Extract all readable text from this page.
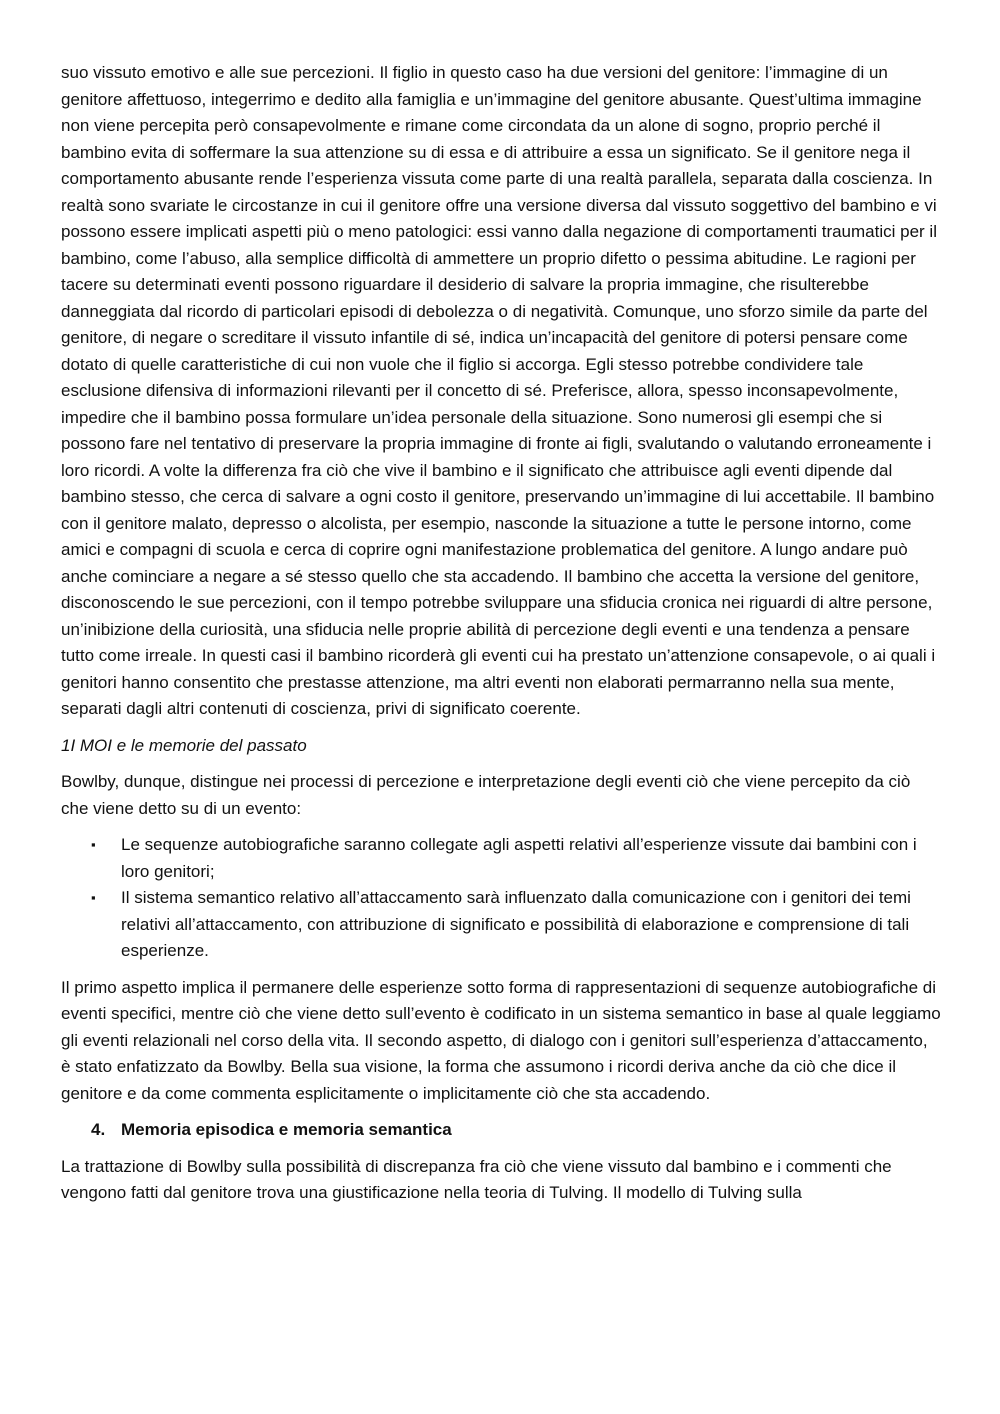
suo vissuto emotivo e alle sue percezioni. Il figlio in questo caso ha due versioni del genitore: l’immagine di un genitore affettuoso, integerrimo e dedito alla famiglia e un’immagine del genitore abusante. Quest’ultima immagine non viene percepita però consapevolmente e rimane come circondata da un alone di sogno, proprio perché il bambino evita di soffermare la sua attenzione su di essa e di attribuire a essa un significato. Se il genitore nega il comportamento abusante rende l’esperienza vissuta come parte di una realtà parallela, separata dalla coscienza. In realtà sono svariate le circostanze in cui il genitore offre una versione diversa dal vissuto soggettivo del bambino e vi possono essere implicati aspetti più o meno patologici: essi vanno dalla negazione di comportamenti traumatici per il bambino, come l’abuso, alla semplice difficoltà di ammettere un proprio difetto o pessima abitudine. Le ragioni per tacere su determinati eventi possono riguardare il desiderio di salvare la propria immagine, che risulterebbe danneggiata dal ricordo di particolari episodi di debolezza o di negatività. Comunque, uno sforzo simile da parte del genitore, di negare o screditare il vissuto infantile di sé, indica un’incapacità del genitore di potersi pensare come dotato di quelle caratteristiche di cui non vuole che il figlio si accorga. Egli stesso potrebbe condividere tale esclusione difensiva di informazioni rilevanti per il concetto di sé. Preferisce, allora, spesso inconsapevolmente, impedire che il bambino possa formulare un’idea personale della situazione. Sono numerosi gli esempi che si possono fare nel tentativo di preservare la propria immagine di fronte ai figli, svalutando o valutando erroneamente i loro ricordi. A volte la differenza fra ciò che vive il bambino e il significato che attribuisce agli eventi dipende dal bambino stesso, che cerca di salvare a ogni costo il genitore, preservando un’immagine di lui accettabile. Il bambino con il genitore malato, depresso o alcolista, per esempio, nasconde la situazione a tutte le persone intorno, come amici e compagni di scuola e cerca di coprire ogni manifestazione problematica del genitore. A lungo andare può anche cominciare a negare a sé stesso quello che sta accadendo. Il bambino che accetta la versione del genitore, disconoscendo le sue percezioni, con il tempo potrebbe sviluppare una sfiducia cronica nei riguardi di altre persone, un’inibizione della curiosità, una sfiducia nelle proprie abilità di percezione degli eventi e una tendenza a pensare tutto come irreale. In questi casi il bambino ricorderà gli eventi cui ha prestato un’attenzione consapevole, o ai quali i genitori hanno consentito che prestasse attenzione, ma altri eventi non elaborati permarranno nella sua mente, separati dagli altri contenuti di coscienza, privi di significato coerente.

1I MOI e le memorie del passato

Bowlby, dunque, distingue nei processi di percezione e interpretazione degli eventi ciò che viene percepito da ciò che viene detto su di un evento:

▪ Le sequenze autobiografiche saranno collegate agli aspetti relativi all’esperienze vissute dai bambini con i loro genitori;
▪ Il sistema semantico relativo all’attaccamento sarà influenzato dalla comunicazione con i genitori dei temi relativi all’attaccamento, con attribuzione di significato e possibilità di elaborazione e comprensione di tali esperienze.

Il primo aspetto implica il permanere delle esperienze sotto forma di rappresentazioni di sequenze autobiografiche di eventi specifici, mentre ciò che viene detto sull’evento è codificato in un sistema semantico in base al quale leggiamo gli eventi relazionali nel corso della vita. Il secondo aspetto, di dialogo con i genitori sull’esperienza d’attaccamento, è stato enfatizzato da Bowlby. Bella sua visione, la forma che assumono i ricordi deriva anche da ciò che dice il genitore e da come commenta esplicitamente o implicitamente ciò che sta accadendo.

4. Memoria episodica e memoria semantica

La trattazione di Bowlby sulla possibilità di discrepanza fra ciò che viene vissuto dal bambino e i commenti che vengono fatti dal genitore trova una giustificazione nella teoria di Tulving. Il modello di Tulving sulla
